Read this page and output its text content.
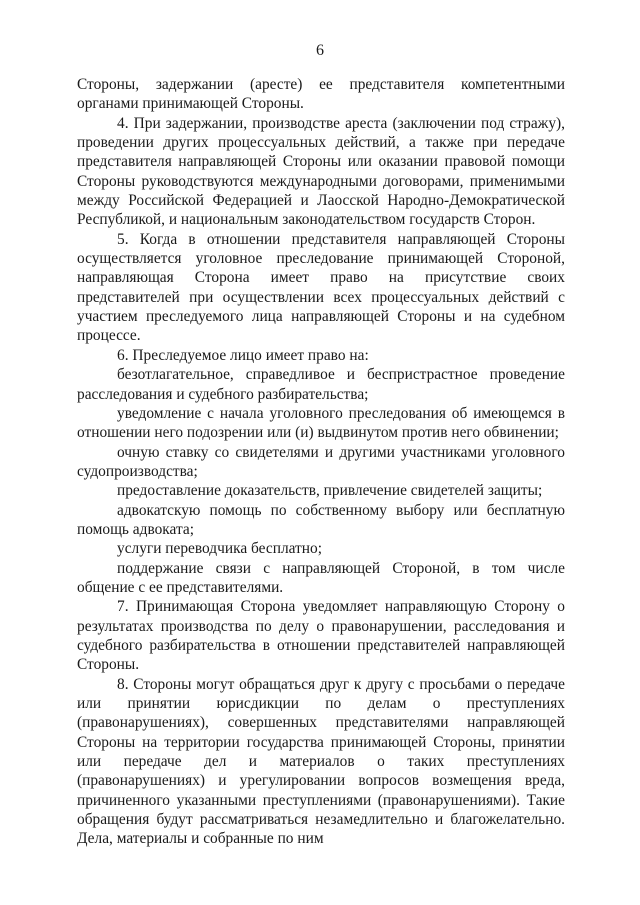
6

Стороны, задержании (аресте) ее представителя компетентными органами принимающей Стороны.

4. При задержании, производстве ареста (заключении под стражу), проведении других процессуальных действий, а также при передаче представителя направляющей Стороны или оказании правовой помощи Стороны руководствуются международными договорами, применимыми между Российской Федерацией и Лаосской Народно-Демократической Республикой, и национальным законодательством государств Сторон.

5. Когда в отношении представителя направляющей Стороны осуществляется уголовное преследование принимающей Стороной, направляющая Сторона имеет право на присутствие своих представителей при осуществлении всех процессуальных действий с участием преследуемого лица направляющей Стороны и на судебном процессе.

6. Преследуемое лицо имеет право на:

безотлагательное, справедливое и беспристрастное проведение расследования и судебного разбирательства;

уведомление с начала уголовного преследования об имеющемся в отношении него подозрении или (и) выдвинутом против него обвинении;

очную ставку со свидетелями и другими участниками уголовного судопроизводства;

предоставление доказательств, привлечение свидетелей защиты;

адвокатскую помощь по собственному выбору или бесплатную помощь адвоката;

услуги переводчика бесплатно;

поддержание связи с направляющей Стороной, в том числе общение с ее представителями.

7. Принимающая Сторона уведомляет направляющую Сторону о результатах производства по делу о правонарушении, расследования и судебного разбирательства в отношении представителей направляющей Стороны.

8. Стороны могут обращаться друг к другу с просьбами о передаче или принятии юрисдикции по делам о преступлениях (правонарушениях), совершенных представителями направляющей Стороны на территории государства принимающей Стороны, принятии или передаче дел и материалов о таких преступлениях (правонарушениях) и урегулировании вопросов возмещения вреда, причиненного указанными преступлениями (правонарушениями). Такие обращения будут рассматриваться незамедлительно и благожелательно. Дела, материалы и собранные по ним
